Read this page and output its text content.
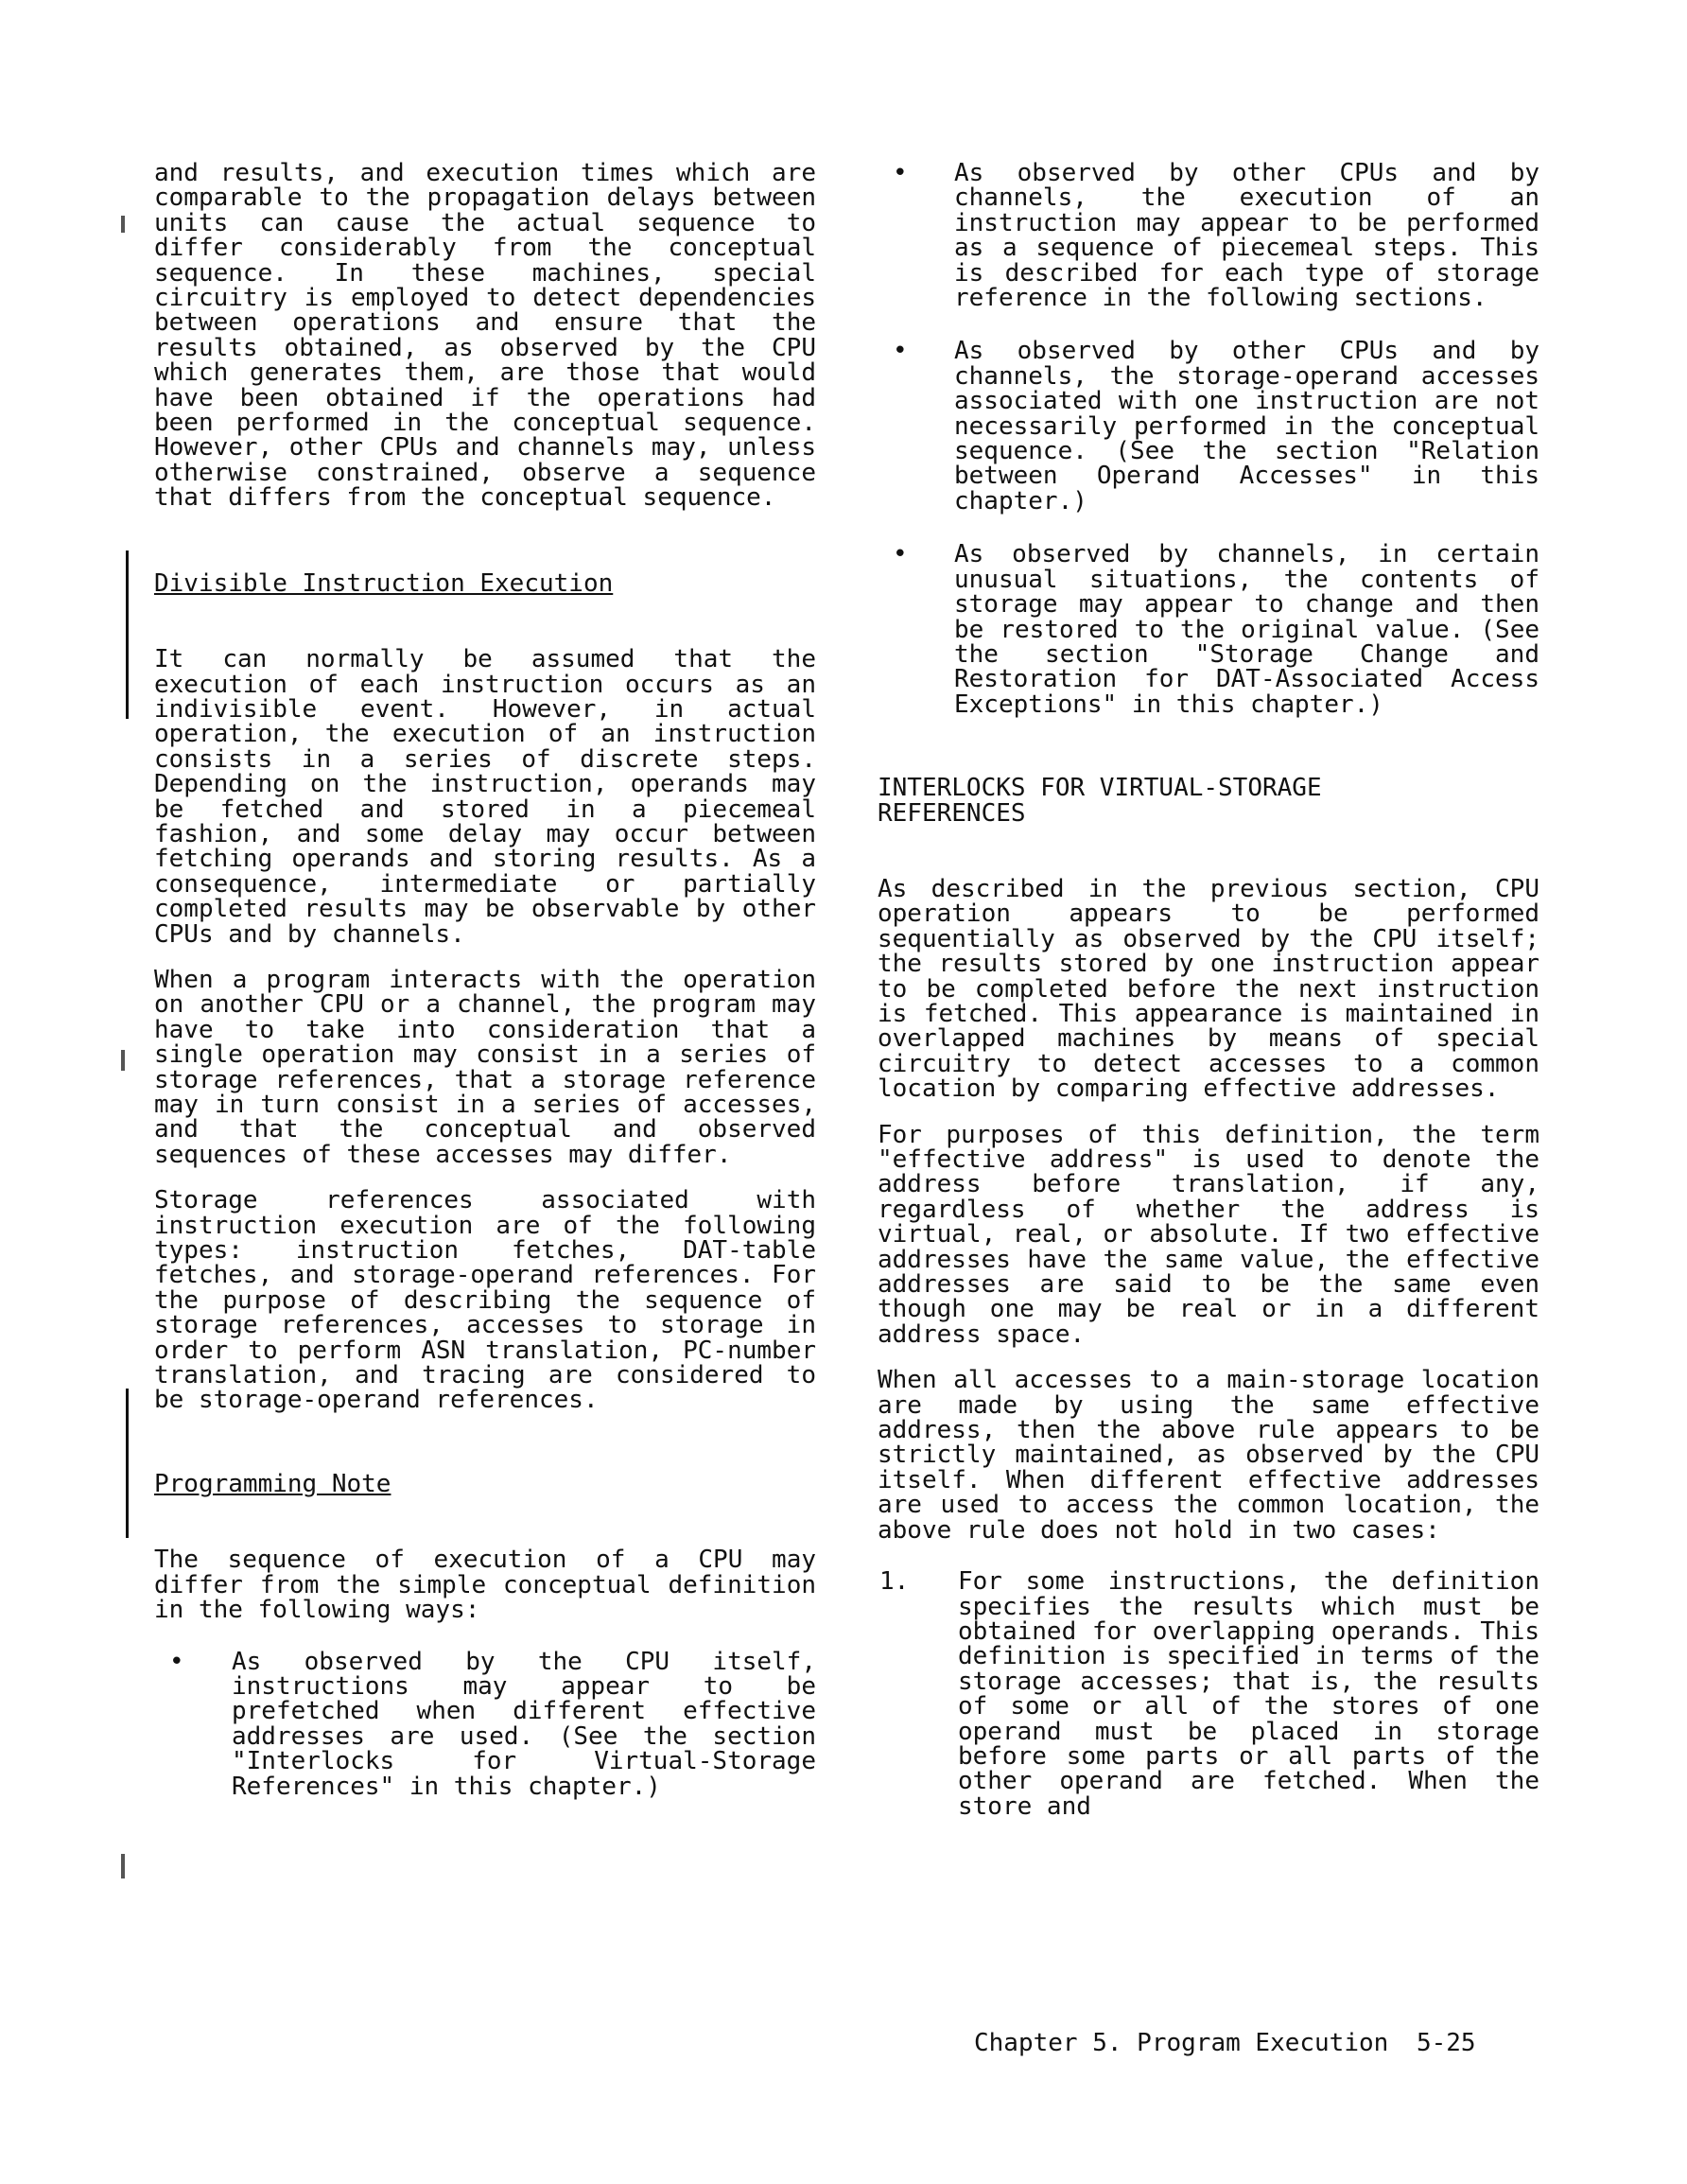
and results, and execution times which are comparable to the propagation delays between units can cause the actual sequence to differ considerably from the conceptual sequence. In these machines, special circuitry is employed to detect dependencies between operations and ensure that the results obtained, as observed by the CPU which generates them, are those that would have been obtained if the operations had been performed in the conceptual sequence. However, other CPUs and channels may, unless otherwise constrained, observe a sequence that differs from the conceptual sequence.

Divisible Instruction Execution

It can normally be assumed that the execution of each instruction occurs as an indivisible event. However, in actual operation, the execution of an instruction consists in a series of discrete steps. Depending on the instruction, operands may be fetched and stored in a piecemeal fashion, and some delay may occur between fetching operands and storing results. As a consequence, intermediate or partially completed results may be observable by other CPUs and by channels.

When a program interacts with the operation on another CPU or a channel, the program may have to take into consideration that a single operation may consist in a series of storage references, that a storage reference may in turn consist in a series of accesses, and that the conceptual and observed sequences of these accesses may differ.

Storage references associated with instruction execution are of the following types: instruction fetches, DAT-table fetches, and storage-operand references. For the purpose of describing the sequence of storage references, accesses to storage in order to perform ASN translation, PC-number translation, and tracing are considered to be storage-operand references.

Programming Note

The sequence of execution of a CPU may differ from the simple conceptual definition in the following ways:

• As observed by the CPU itself, instructions may appear to be prefetched when different effective addresses are used. (See the section "Interlocks for Virtual-Storage References" in this chapter.)
• As observed by other CPUs and by channels, the execution of an instruction may appear to be performed as a sequence of piecemeal steps. This is described for each type of storage reference in the following sections.
• As observed by other CPUs and by channels, the storage-operand accesses associated with one instruction are not necessarily performed in the conceptual sequence. (See the section "Relation between Operand Accesses" in this chapter.)
• As observed by channels, in certain unusual situations, the contents of storage may appear to change and then be restored to the original value. (See the section "Storage Change and Restoration for DAT-Associated Access Exceptions" in this chapter.)
INTERLOCKS FOR VIRTUAL-STORAGE REFERENCES

As described in the previous section, CPU operation appears to be performed sequentially as observed by the CPU itself; the results stored by one instruction appear to be completed before the next instruction is fetched. This appearance is maintained in overlapped machines by means of special circuitry to detect accesses to a common location by comparing effective addresses.

For purposes of this definition, the term "effective address" is used to denote the address before translation, if any, regardless of whether the address is virtual, real, or absolute. If two effective addresses have the same value, the effective addresses are said to be the same even though one may be real or in a different address space.

When all accesses to a main-storage location are made by using the same effective address, then the above rule appears to be strictly maintained, as observed by the CPU itself. When different effective addresses are used to access the common location, the above rule does not hold in two cases:

1. For some instructions, the definition specifies the results which must be obtained for overlapping operands. This definition is specified in terms of the storage accesses; that is, the results of some or all of the stores of one operand must be placed in storage before some parts or all parts of the other operand are fetched. When the store and
Chapter 5. Program Execution 5-25
